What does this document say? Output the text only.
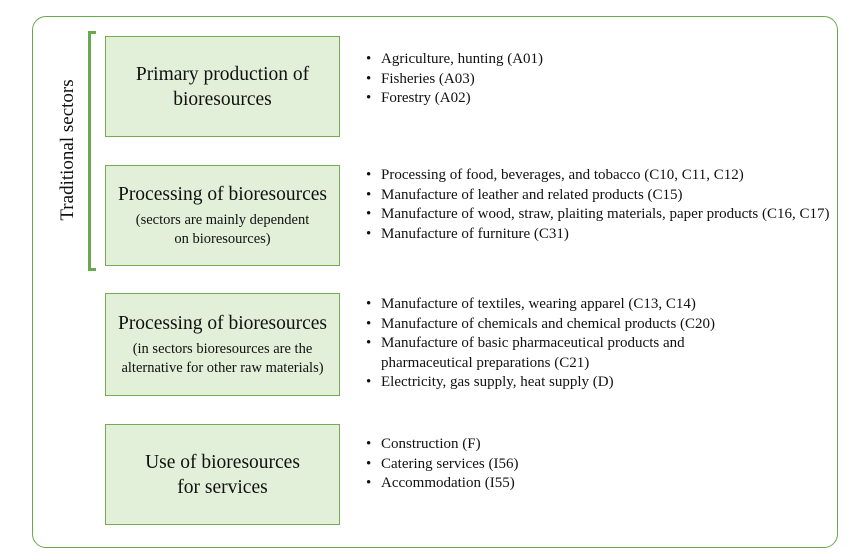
Traditional sectors
Primary production of
bioresources
• Agriculture, hunting (A01)
• Fisheries (A03)
• Forestry (A02)
Processing of bioresources
(sectors are mainly dependent
on bioresources)
• Processing of food, beverages, and tobacco (C10, C11, C12)
• Manufacture of leather and related products (C15)
• Manufacture of wood, straw, plaiting materials, paper products (C16, C17)
• Manufacture of furniture (C31)
Processing of bioresources
(in sectors bioresources are the
alternative for other raw materials)
• Manufacture of textiles, wearing apparel (C13, C14)
• Manufacture of chemicals and chemical products (C20)
• Manufacture of basic pharmaceutical products and pharmaceutical preparations (C21)
• Electricity, gas supply, heat supply (D)
Use of bioresources
for services
• Construction (F)
• Catering services (I56)
• Accommodation (I55)
